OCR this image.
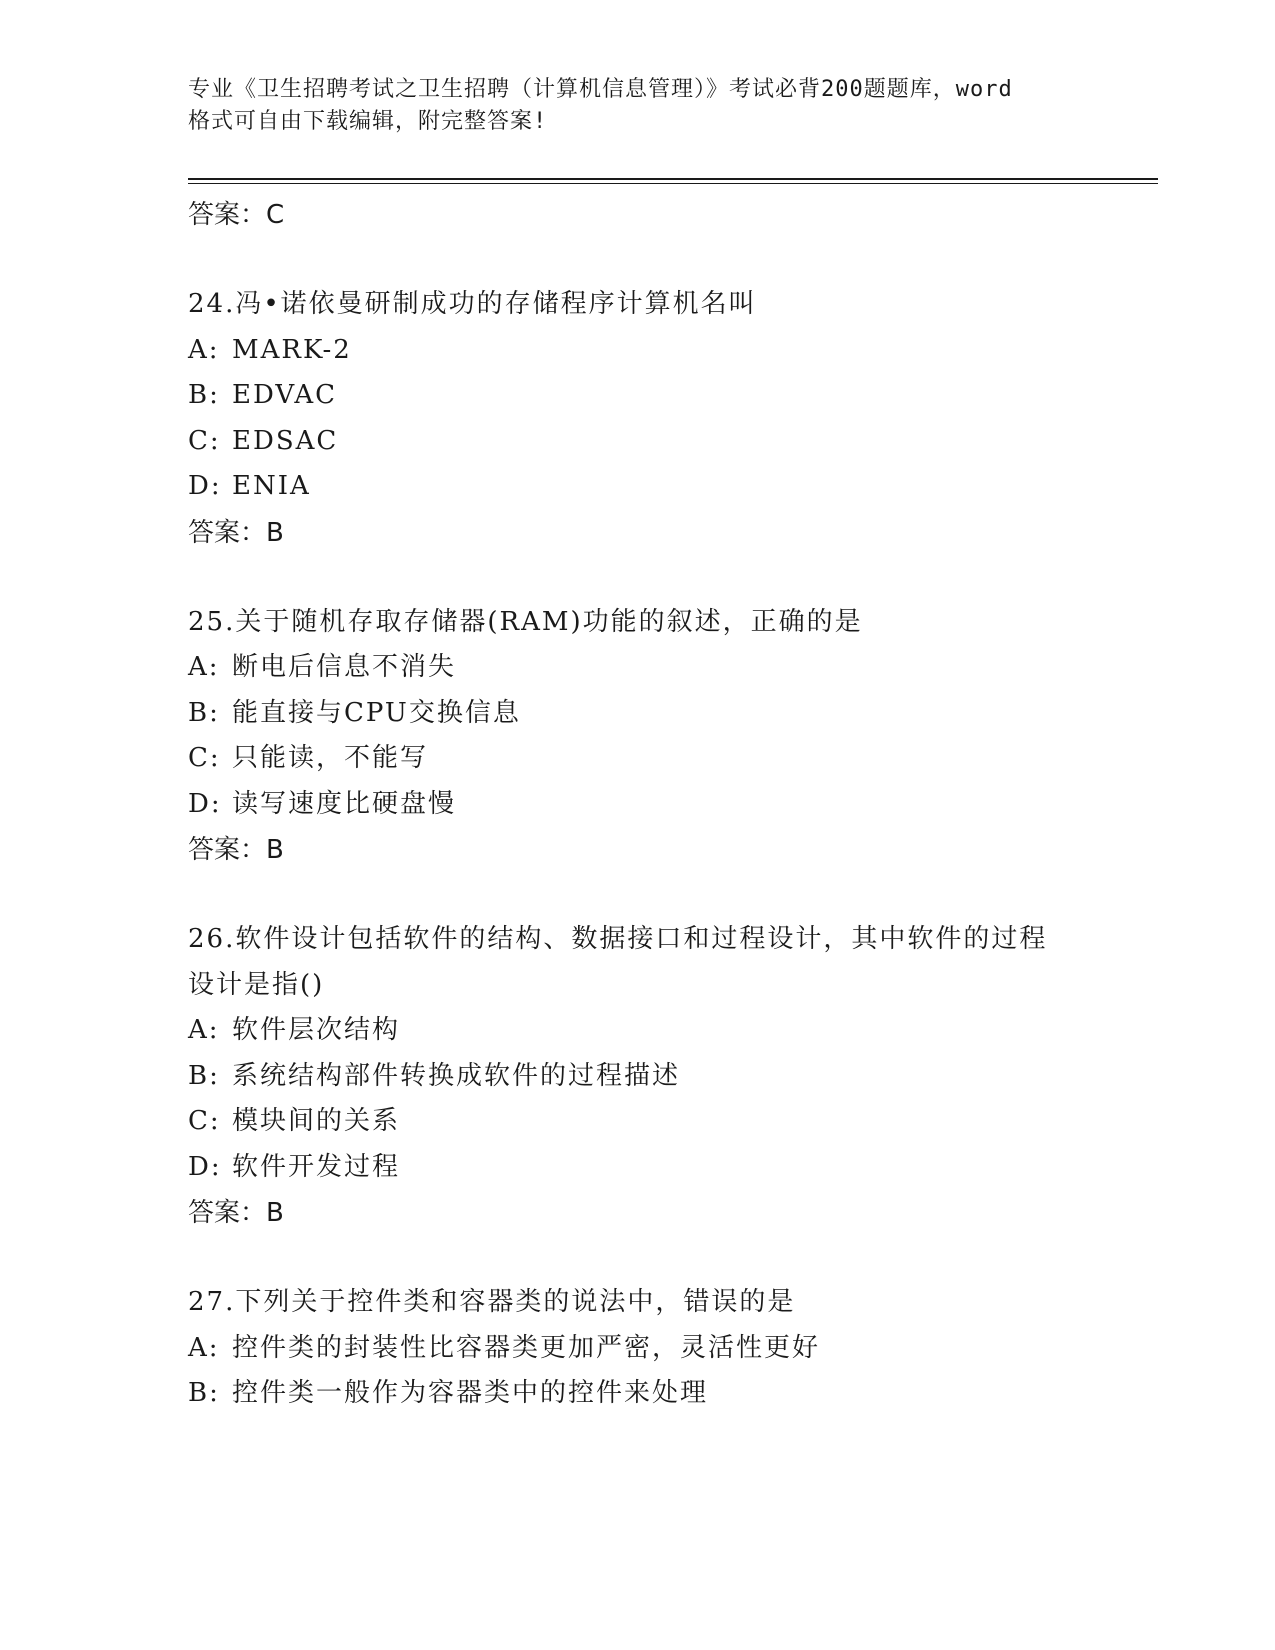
专业《卫生招聘考试之卫生招聘（计算机信息管理）》考试必背200题题库，word
格式可自由下载编辑，附完整答案!
答案：C
24.冯•诺依曼研制成功的存储程序计算机名叫
A: MARK-2
B: EDVAC
C: EDSAC
D: ENIA
答案：B
25.关于随机存取存储器(RAM)功能的叙述，正确的是
A: 断电后信息不消失
B: 能直接与CPU交换信息
C: 只能读，不能写
D: 读写速度比硬盘慢
答案：B
26.软件设计包括软件的结构、数据接口和过程设计，其中软件的过程
设计是指()
A: 软件层次结构
B: 系统结构部件转换成软件的过程描述
C: 模块间的关系
D: 软件开发过程
答案：B
27.下列关于控件类和容器类的说法中，错误的是
A: 控件类的封装性比容器类更加严密，灵活性更好
B: 控件类一般作为容器类中的控件来处理
